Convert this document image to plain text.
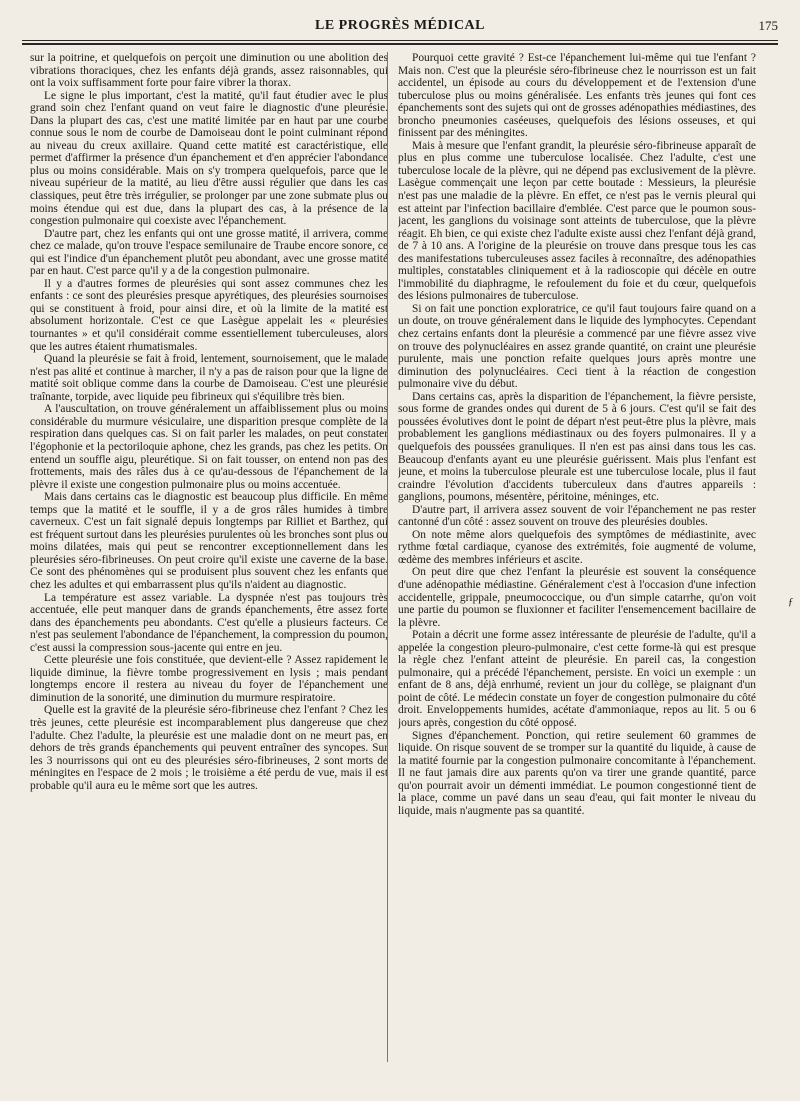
LE PROGRÈS MÉDICAL	175

sur la poitrine, et quelquefois on perçoit une diminution ou une abolition des vibrations thoraciques, chez les enfants déjà grands, assez raisonnables, qui ont la voix suffisamment forte pour faire vibrer la thorax.

Le signe le plus important, c'est la matité, qu'il faut étudier avec le plus grand soin chez l'enfant quand on veut faire le diagnostic d'une pleurésie. Dans la plupart des cas, c'est une matité limitée par en haut par une courbe connue sous le nom de courbe de Damoiseau dont le point culminant répond au niveau du creux axillaire. Quand cette matité est caractéristique, elle permet d'affirmer la présence d'un épanchement et d'en apprécier l'abondance plus ou moins considérable. Mais on s'y trompera quelquefois, parce que le niveau supérieur de la matité, au lieu d'être aussi régulier que dans les cas classiques, peut être très irrégulier, se prolonger par une zone submate plus ou moins étendue qui est due, dans la plupart des cas, à la présence de la congestion pulmonaire qui coexiste avec l'épanchement.

D'autre part, chez les enfants qui ont une grosse matité, il arrivera, comme chez ce malade, qu'on trouve l'espace semilunaire de Traube encore sonore, ce qui est l'indice d'un épanchement plutôt peu abondant, avec une grosse matité par en haut. C'est parce qu'il y a de la congestion pulmonaire.

Il y a d'autres formes de pleurésies qui sont assez communes chez les enfants : ce sont des pleurésies presque apyrétiques, des pleurésies sournoises qui se constituent à froid, pour ainsi dire, et où la limite de la matité est absolument horizontale. C'est ce que Lasègue appelait les « pleurésies tournantes » et qu'il considérait comme essentiellement tuberculeuses, alors que les autres étaient rhumatismales.

Quand la pleurésie se fait à froid, lentement, sournoisement, que le malade n'est pas alité et continue à marcher, il n'y a pas de raison pour que la ligne de matité soit oblique comme dans la courbe de Damoiseau. C'est une pleurésie traînante, torpide, avec liquide peu fibrineux qui s'équilibre très bien.

A l'auscultation, on trouve généralement un affaiblissement plus ou moins considérable du murmure vésiculaire, une disparition presque complète de la respiration dans quelques cas. Si on fait parler les malades, on peut constater l'égophonie et la pectoriloquie aphone, chez les grands, pas chez les petits. On entend un souffle aigu, pleurétique. Si on fait tousser, on entend non pas des frottements, mais des râles dus à ce qu'au-dessous de l'épanchement de la plèvre il existe une congestion pulmonaire plus ou moins accentuée.

Mais dans certains cas le diagnostic est beaucoup plus difficile. En même temps que la matité et le souffle, il y a de gros râles humides à timbre caverneux. C'est un fait signalé depuis longtemps par Rilliet et Barthez, qui est fréquent surtout dans les pleurésies purulentes où les bronches sont plus ou moins dilatées, mais qui peut se rencontrer exceptionnellement dans les pleurésies séro-fibrineuses. On peut croire qu'il existe une caverne de la base. Ce sont des phénomènes qui se produisent plus souvent chez les enfants que chez les adultes et qui embarrassent plus qu'ils n'aident au diagnostic.

La température est assez variable. La dyspnée n'est pas toujours très accentuée, elle peut manquer dans de grands épanchements, être assez forte dans des épanchements peu abondants. C'est qu'elle a plusieurs facteurs. Ce n'est pas seulement l'abondance de l'épanchement, la compression du poumon, c'est aussi la compression sous-jacente qui entre en jeu.

Cette pleurésie une fois constituée, que devient-elle ? Assez rapidement le liquide diminue, la fièvre tombe progressivement en lysis ; mais pendant longtemps encore il restera au niveau du foyer de l'épanchement une diminution de la sonorité, une diminution du murmure respiratoire.

Quelle est la gravité de la pleurésie séro-fibrineuse chez l'enfant ? Chez les très jeunes, cette pleurésie est incomparablement plus dangereuse que chez l'adulte. Chez l'adulte, la pleurésie est une maladie dont on ne meurt pas, en dehors de très grands épanchements qui peuvent entraîner des syncopes. Sur les 3 nourrissons qui ont eu des pleurésies séro-fibrineuses, 2 sont morts de méningites en l'espace de 2 mois ; le troisième a été perdu de vue, mais il est probable qu'il aura eu le même sort que les autres.

Pourquoi cette gravité ? Est-ce l'épanchement lui-même qui tue l'enfant ? Mais non. C'est que la pleurésie séro-fibrineuse chez le nourrisson est un fait accidentel, un épisode au cours du développement et de l'extension d'une tuberculose plus ou moins généralisée. Les enfants très jeunes qui font ces épanchements sont des sujets qui ont de grosses adénopathies médiastines, des broncho pneumonies caséeuses, quelquefois des lésions osseuses, et qui finissent par des méningites.

Mais à mesure que l'enfant grandit, la pleurésie séro-fibrineuse apparaît de plus en plus comme une tuberculose localisée. Chez l'adulte, c'est une tuberculose locale de la plèvre, qui ne dépend pas exclusivement de la plèvre. Lasègue commençait une leçon par cette boutade : Messieurs, la pleurésie n'est pas une maladie de la plèvre. En effet, ce n'est pas le vernis pleural qui est atteint par l'infection bacillaire d'emblée. C'est parce que le poumon sous-jacent, les ganglions du voisinage sont atteints de tuberculose, que la plèvre réagit. Eh bien, ce qui existe chez l'adulte existe aussi chez l'enfant déjà grand, de 7 à 10 ans. A l'origine de la pleurésie on trouve dans presque tous les cas des manifestations tuberculeuses assez faciles à reconnaître, des adénopathies multiples, constatables cliniquement et à la radioscopie qui décèle en outre l'immobilité du diaphragme, le refoulement du foie et du cœur, quelquefois des lésions pulmonaires de tuberculose.

Si on fait une ponction exploratrice, ce qu'il faut toujours faire quand on a un doute, on trouve généralement dans le liquide des lymphocytes. Cependant chez certains enfants dont la pleurésie a commencé par une fièvre assez vive on trouve des polynucléaires en assez grande quantité, on craint une pleurésie purulente, mais une ponction refaite quelques jours après montre une diminution des polynucléaires. Ceci tient à la réaction de congestion pulmonaire vive du début.

Dans certains cas, après la disparition de l'épanchement, la fièvre persiste, sous forme de grandes ondes qui durent de 5 à 6 jours. C'est qu'il se fait des poussées évolutives dont le point de départ n'est peut-être plus la plèvre, mais probablement les ganglions médiastinaux ou des foyers pulmonaires. Il y a quelquefois des poussées granuliques. Il n'en est pas ainsi dans tous les cas. Beaucoup d'enfants ayant eu une pleurésie guérissent. Mais plus l'enfant est jeune, et moins la tuberculose pleurale est une tuberculose locale, plus il faut craindre l'évolution d'accidents tuberculeux dans d'autres appareils : ganglions, poumons, mésentère, péritoine, méninges, etc.

D'autre part, il arrivera assez souvent de voir l'épanchement ne pas rester cantonné d'un côté : assez souvent on trouve des pleurésies doubles.

On note même alors quelquefois des symptômes de médiastinite, avec rythme fœtal cardiaque, cyanose des extrémités, foie augmenté de volume, œdème des membres inférieurs et ascite.

On peut dire que chez l'enfant la pleurésie est souvent la conséquence d'une adénopathie médiastine. Généralement c'est à l'occasion d'une infection accidentelle, grippale, pneumococcique, ou d'un simple catarrhe, qu'on voit une partie du poumon se fluxionner et faciliter l'ensemencement bacillaire de la plèvre.

Potain a décrit une forme assez intéressante de pleurésie de l'adulte, qu'il a appelée la congestion pleuro-pulmonaire, c'est cette forme-là qui est presque la règle chez l'enfant atteint de pleurésie. En pareil cas, la congestion pulmonaire, qui a précédé l'épanchement, persiste. En voici un exemple : un enfant de 8 ans, déjà enrhumé, revient un jour du collège, se plaignant d'un point de côté. Le médecin constate un foyer de congestion pulmonaire du côté droit. Enveloppements humides, acétate d'ammoniaque, repos au lit. 5 ou 6 jours après, congestion du côté opposé.

Signes d'épanchement. Ponction, qui retire seulement 60 grammes de liquide. On risque souvent de se tromper sur la quantité du liquide, à cause de la matité fournie par la congestion pulmonaire concomitante à l'épanchement. Il ne faut jamais dire aux parents qu'on va tirer une grande quantité, parce qu'on pourrait avoir un démenti immédiat. Le poumon congestionné tient de la place, comme un pavé dans un seau d'eau, qui fait monter le niveau du liquide, mais n'augmente pas sa quantité.

ƒ
